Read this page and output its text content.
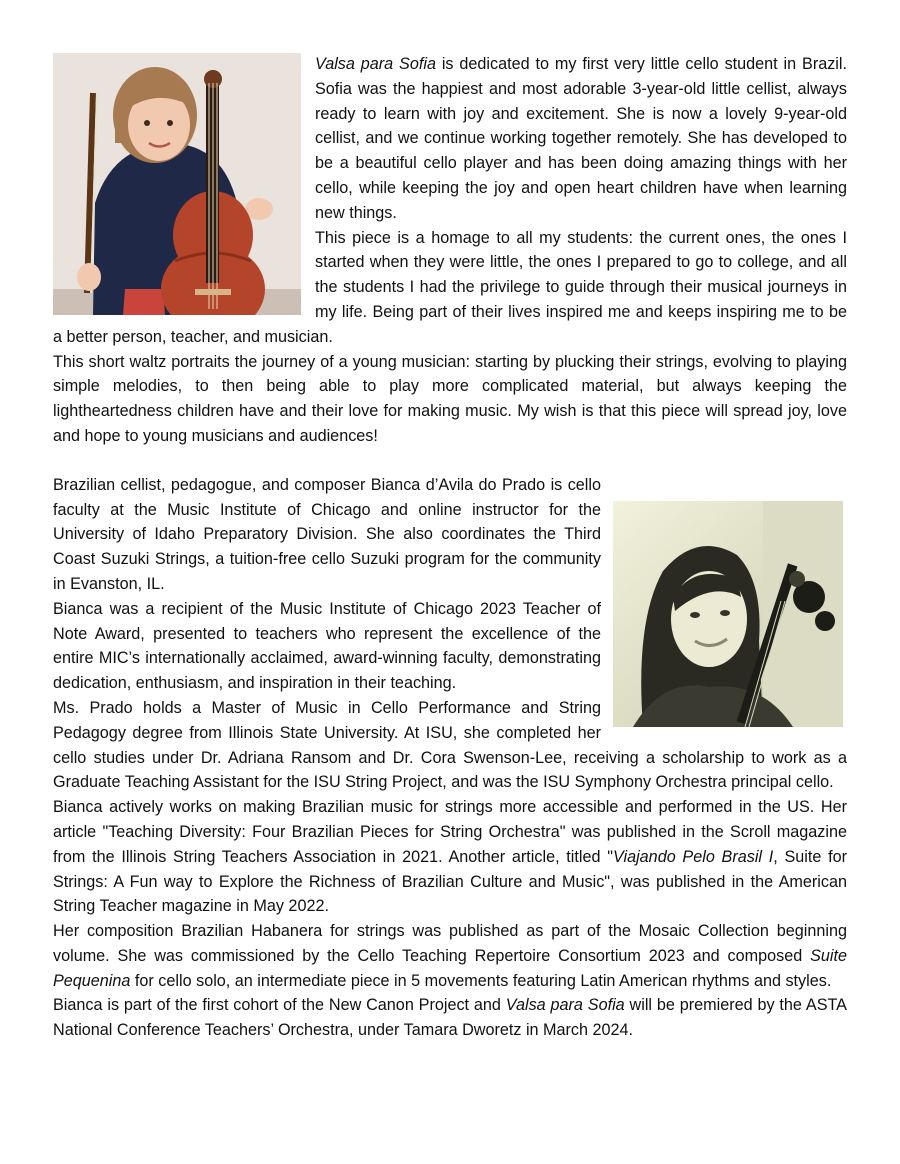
Valsa para Sofia is dedicated to my first very little cello student in Brazil. Sofia was the happiest and most adorable 3-year-old little cellist, always ready to learn with joy and excitement. She is now a lovely 9-year-old cellist, and we continue working together remotely. She has developed to be a beautiful cello player and has been doing amazing things with her cello, while keeping the joy and open heart children have when learning new things.

This piece is a homage to all my students: the current ones, the ones I started when they were little, the ones I prepared to go to college, and all the students I had the privilege to guide through their musical journeys in my life. Being part of their lives inspired me and keeps inspiring me to be a better person, teacher, and musician.

This short waltz portraits the journey of a young musician: starting by plucking their strings, evolving to playing simple melodies, to then being able to play more complicated material, but always keeping the lightheartedness children have and their love for making music. My wish is that this piece will spread joy, love and hope to young musicians and audiences!

Brazilian cellist, pedagogue, and composer Bianca d’Avila do Prado is cello faculty at the Music Institute of Chicago and online instructor for the University of Idaho Preparatory Division. She also coordinates the Third Coast Suzuki Strings, a tuition-free cello Suzuki program for the community in Evanston, IL.

Bianca was a recipient of the Music Institute of Chicago 2023 Teacher of Note Award, presented to teachers who represent the excellence of the entire MIC’s internationally acclaimed, award-winning faculty, demonstrating dedication, enthusiasm, and inspiration in their teaching.

Ms. Prado holds a Master of Music in Cello Performance and String Pedagogy degree from Illinois State University. At ISU, she completed her cello studies under Dr. Adriana Ransom and Dr. Cora Swenson-Lee, receiving a scholarship to work as a Graduate Teaching Assistant for the ISU String Project, and was the ISU Symphony Orchestra principal cello.

Bianca actively works on making Brazilian music for strings more accessible and performed in the US. Her article "Teaching Diversity: Four Brazilian Pieces for String Orchestra" was published in the Scroll magazine from the Illinois String Teachers Association in 2021. Another article, titled "Viajando Pelo Brasil I, Suite for Strings: A Fun way to Explore the Richness of Brazilian Culture and Music", was published in the American String Teacher magazine in May 2022.

Her composition Brazilian Habanera for strings was published as part of the Mosaic Collection beginning volume. She was commissioned by the Cello Teaching Repertoire Consortium 2023 and composed Suite Pequenina for cello solo, an intermediate piece in 5 movements featuring Latin American rhythms and styles.

Bianca is part of the first cohort of the New Canon Project and Valsa para Sofia will be premiered by the ASTA National Conference Teachers’ Orchestra, under Tamara Dworetz in March 2024.
